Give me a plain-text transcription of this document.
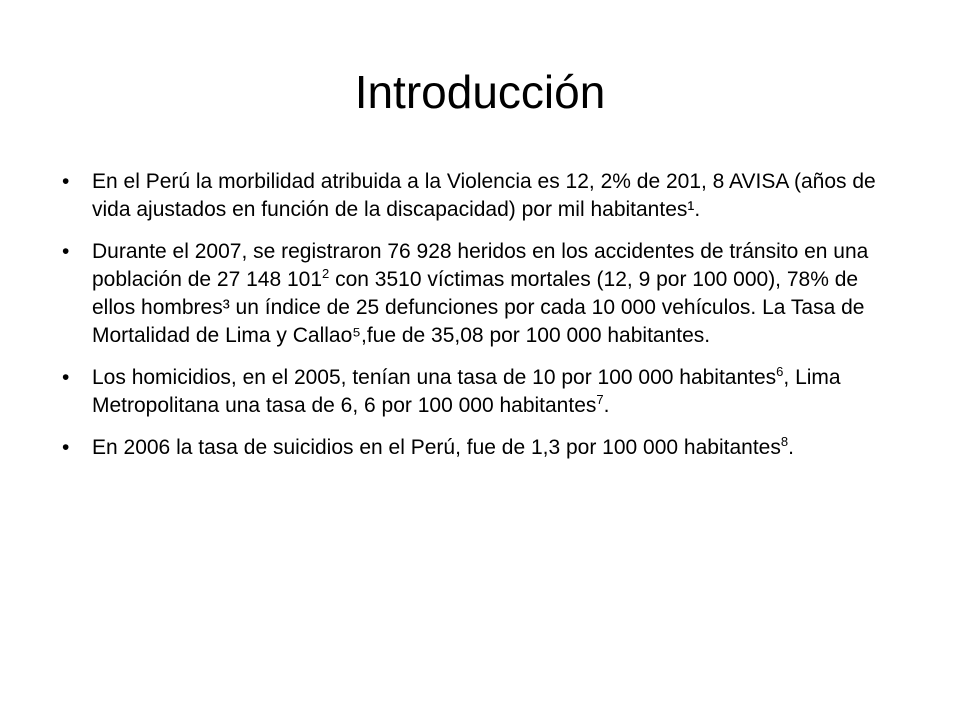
Introducción
• En el Perú la morbilidad atribuida a la Violencia es 12, 2% de 201, 8 AVISA (años de vida ajustados en función de la discapacidad) por mil habitantes¹.
• Durante el 2007, se registraron 76 928 heridos en los accidentes de tránsito en una población de 27 148 $101^2$ con 3510 víctimas mortales (12, 9 por 100 000), 78% de ellos hombres³ un índice de 25 defunciones por cada 10 000 vehículos. La Tasa de Mortalidad de Lima y Callao⁵,fue de 35,08 por 100 000 habitantes.
• Los homicidios, en el 2005, tenían una tasa de 10 por 100 000 habitantes$^6$, Lima Metropolitana una tasa de 6, 6 por 100 000 habitantes$^7$.
• En 2006 la tasa de suicidios en el Perú, fue de 1,3 por 100 000 habitantes$^8$.
